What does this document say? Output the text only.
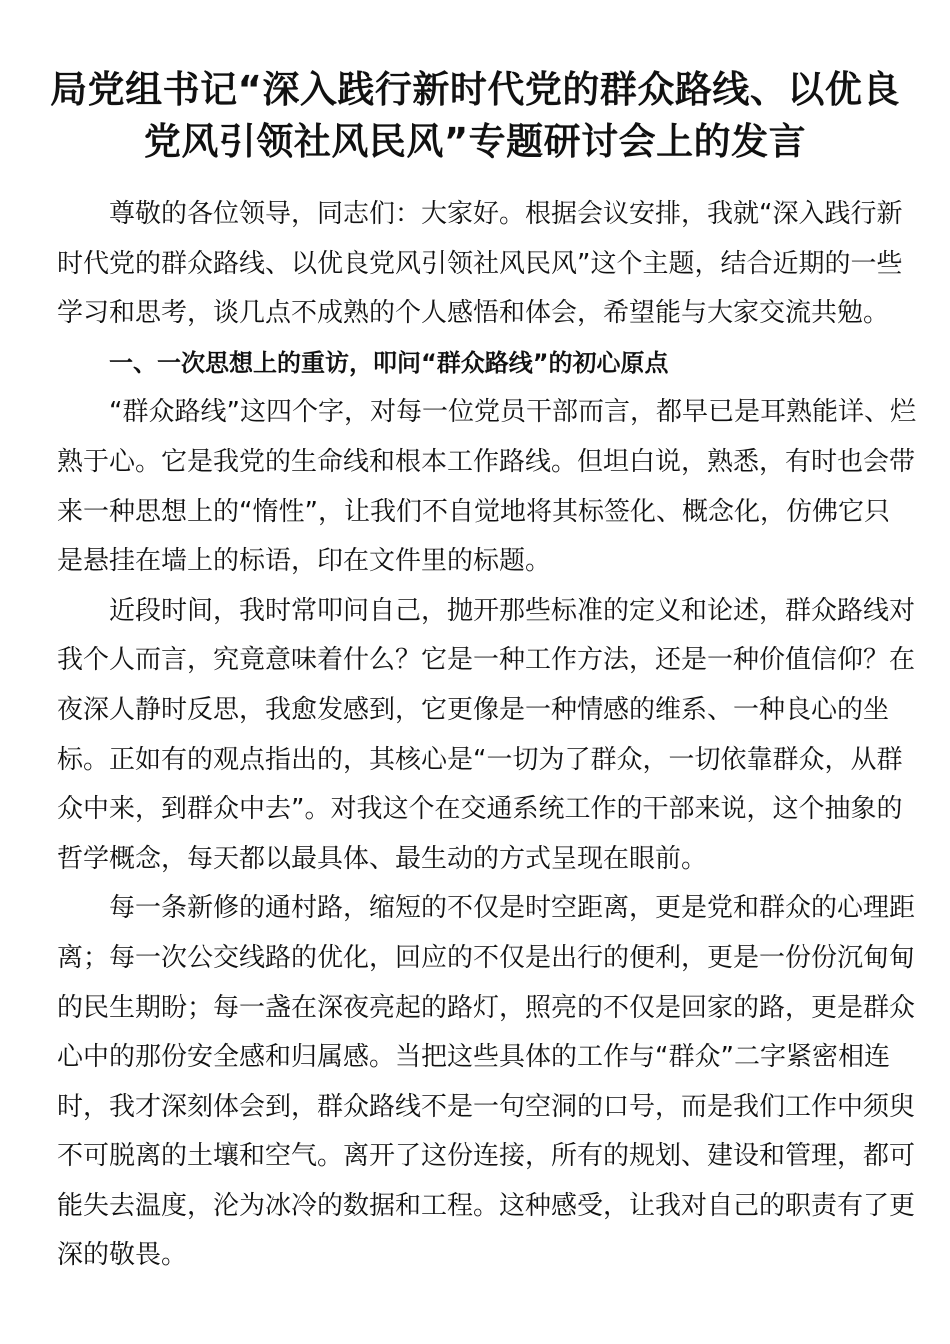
局党组书记“深入践行新时代党的群众路线、以优良
党风引领社风民风”专题研讨会上的发言
尊敬的各位领导，同志们：大家好。根据会议安排，我就“深入践行新
时代党的群众路线、以优良党风引领社风民风”这个主题，结合近期的一些
学习和思考，谈几点不成熟的个人感悟和体会，希望能与大家交流共勉。
一、一次思想上的重访，叩问“群众路线”的初心原点
“群众路线”这四个字，对每一位党员干部而言，都早已是耳熟能详、烂
熟于心。它是我党的生命线和根本工作路线。但坦白说，熟悉，有时也会带
来一种思想上的“惰性”，让我们不自觉地将其标签化、概念化，仿佛它只
是悬挂在墙上的标语，印在文件里的标题。
近段时间，我时常叩问自己，抛开那些标准的定义和论述，群众路线对
我个人而言，究竟意味着什么？它是一种工作方法，还是一种价值信仰？在
夜深人静时反思，我愈发感到，它更像是一种情感的维系、一种良心的坐
标。正如有的观点指出的，其核心是“一切为了群众，一切依靠群众，从群
众中来，到群众中去”。对我这个在交通系统工作的干部来说，这个抽象的
哲学概念，每天都以最具体、最生动的方式呈现在眼前。
每一条新修的通村路，缩短的不仅是时空距离，更是党和群众的心理距
离；每一次公交线路的优化，回应的不仅是出行的便利，更是一份份沉甸甸
的民生期盼；每一盏在深夜亮起的路灯，照亮的不仅是回家的路，更是群众
心中的那份安全感和归属感。当把这些具体的工作与“群众”二字紧密相连
时，我才深刻体会到，群众路线不是一句空洞的口号，而是我们工作中须臾
不可脱离的土壤和空气。离开了这份连接，所有的规划、建设和管理，都可
能失去温度，沦为冰冷的数据和工程。这种感受，让我对自己的职责有了更
深的敬畏。
